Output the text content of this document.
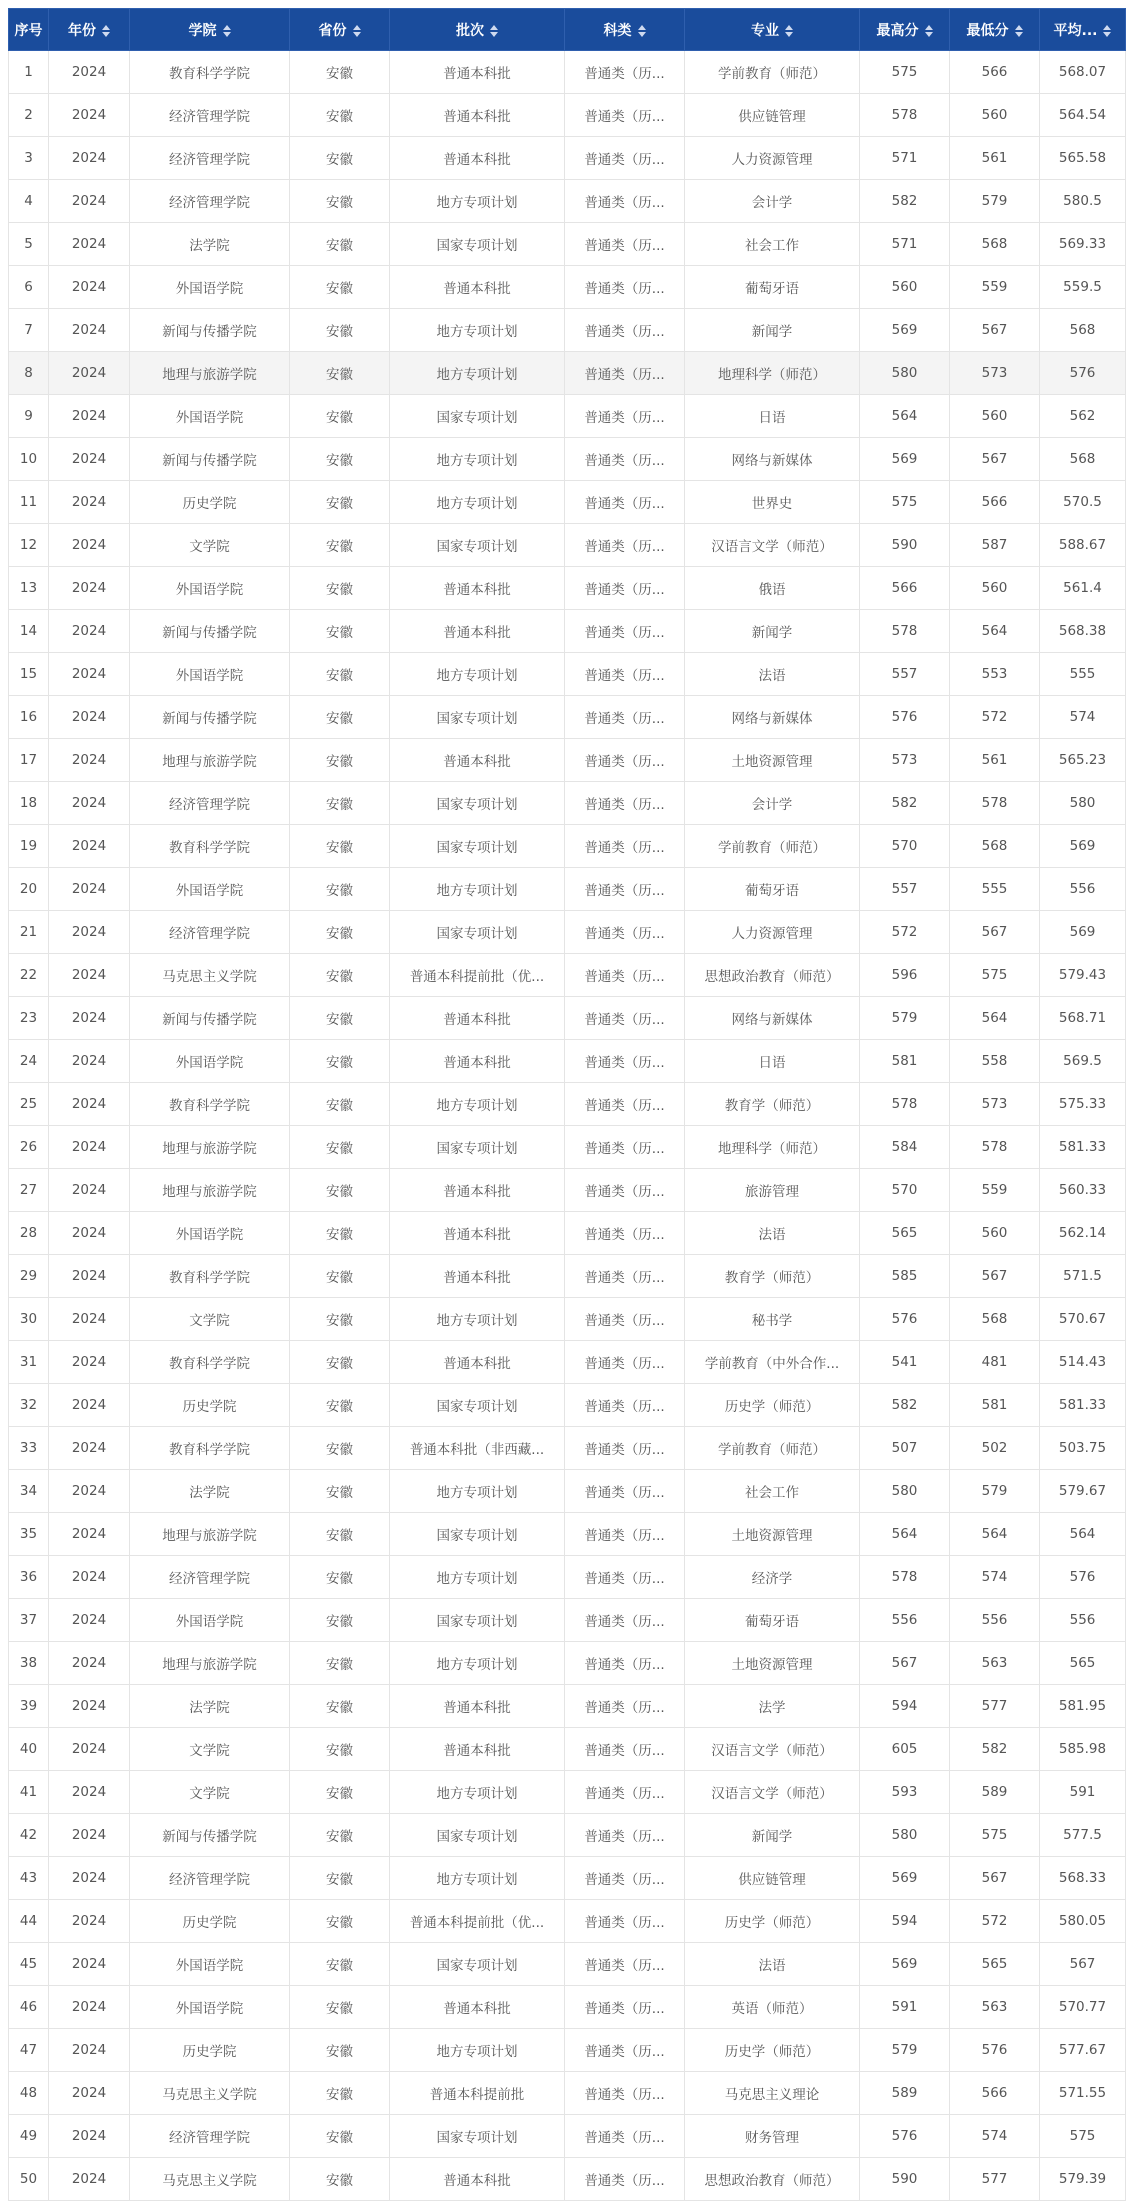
序号	年份	学院	省份	批次	科类	专业	最高分	最低分	平均...
1	2024	教育科学学院	安徽	普通本科批	普通类（历...	学前教育（师范）	575	566	568.07
2	2024	经济管理学院	安徽	普通本科批	普通类（历...	供应链管理	578	560	564.54
3	2024	经济管理学院	安徽	普通本科批	普通类（历...	人力资源管理	571	561	565.58
4	2024	经济管理学院	安徽	地方专项计划	普通类（历...	会计学	582	579	580.5
5	2024	法学院	安徽	国家专项计划	普通类（历...	社会工作	571	568	569.33
6	2024	外国语学院	安徽	普通本科批	普通类（历...	葡萄牙语	560	559	559.5
7	2024	新闻与传播学院	安徽	地方专项计划	普通类（历...	新闻学	569	567	568
8	2024	地理与旅游学院	安徽	地方专项计划	普通类（历...	地理科学（师范）	580	573	576
9	2024	外国语学院	安徽	国家专项计划	普通类（历...	日语	564	560	562
10	2024	新闻与传播学院	安徽	地方专项计划	普通类（历...	网络与新媒体	569	567	568
11	2024	历史学院	安徽	地方专项计划	普通类（历...	世界史	575	566	570.5
12	2024	文学院	安徽	国家专项计划	普通类（历...	汉语言文学（师范）	590	587	588.67
13	2024	外国语学院	安徽	普通本科批	普通类（历...	俄语	566	560	561.4
14	2024	新闻与传播学院	安徽	普通本科批	普通类（历...	新闻学	578	564	568.38
15	2024	外国语学院	安徽	地方专项计划	普通类（历...	法语	557	553	555
16	2024	新闻与传播学院	安徽	国家专项计划	普通类（历...	网络与新媒体	576	572	574
17	2024	地理与旅游学院	安徽	普通本科批	普通类（历...	土地资源管理	573	561	565.23
18	2024	经济管理学院	安徽	国家专项计划	普通类（历...	会计学	582	578	580
19	2024	教育科学学院	安徽	国家专项计划	普通类（历...	学前教育（师范）	570	568	569
20	2024	外国语学院	安徽	地方专项计划	普通类（历...	葡萄牙语	557	555	556
21	2024	经济管理学院	安徽	国家专项计划	普通类（历...	人力资源管理	572	567	569
22	2024	马克思主义学院	安徽	普通本科提前批（优...	普通类（历...	思想政治教育（师范）	596	575	579.43
23	2024	新闻与传播学院	安徽	普通本科批	普通类（历...	网络与新媒体	579	564	568.71
24	2024	外国语学院	安徽	普通本科批	普通类（历...	日语	581	558	569.5
25	2024	教育科学学院	安徽	地方专项计划	普通类（历...	教育学（师范）	578	573	575.33
26	2024	地理与旅游学院	安徽	国家专项计划	普通类（历...	地理科学（师范）	584	578	581.33
27	2024	地理与旅游学院	安徽	普通本科批	普通类（历...	旅游管理	570	559	560.33
28	2024	外国语学院	安徽	普通本科批	普通类（历...	法语	565	560	562.14
29	2024	教育科学学院	安徽	普通本科批	普通类（历...	教育学（师范）	585	567	571.5
30	2024	文学院	安徽	地方专项计划	普通类（历...	秘书学	576	568	570.67
31	2024	教育科学学院	安徽	普通本科批	普通类（历...	学前教育（中外合作...	541	481	514.43
32	2024	历史学院	安徽	国家专项计划	普通类（历...	历史学（师范）	582	581	581.33
33	2024	教育科学学院	安徽	普通本科批（非西藏...	普通类（历...	学前教育（师范）	507	502	503.75
34	2024	法学院	安徽	地方专项计划	普通类（历...	社会工作	580	579	579.67
35	2024	地理与旅游学院	安徽	国家专项计划	普通类（历...	土地资源管理	564	564	564
36	2024	经济管理学院	安徽	地方专项计划	普通类（历...	经济学	578	574	576
37	2024	外国语学院	安徽	国家专项计划	普通类（历...	葡萄牙语	556	556	556
38	2024	地理与旅游学院	安徽	地方专项计划	普通类（历...	土地资源管理	567	563	565
39	2024	法学院	安徽	普通本科批	普通类（历...	法学	594	577	581.95
40	2024	文学院	安徽	普通本科批	普通类（历...	汉语言文学（师范）	605	582	585.98
41	2024	文学院	安徽	地方专项计划	普通类（历...	汉语言文学（师范）	593	589	591
42	2024	新闻与传播学院	安徽	国家专项计划	普通类（历...	新闻学	580	575	577.5
43	2024	经济管理学院	安徽	地方专项计划	普通类（历...	供应链管理	569	567	568.33
44	2024	历史学院	安徽	普通本科提前批（优...	普通类（历...	历史学（师范）	594	572	580.05
45	2024	外国语学院	安徽	国家专项计划	普通类（历...	法语	569	565	567
46	2024	外国语学院	安徽	普通本科批	普通类（历...	英语（师范）	591	563	570.77
47	2024	历史学院	安徽	地方专项计划	普通类（历...	历史学（师范）	579	576	577.67
48	2024	马克思主义学院	安徽	普通本科提前批	普通类（历...	马克思主义理论	589	566	571.55
49	2024	经济管理学院	安徽	国家专项计划	普通类（历...	财务管理	576	574	575
50	2024	马克思主义学院	安徽	普通本科批	普通类（历...	思想政治教育（师范）	590	577	579.39
